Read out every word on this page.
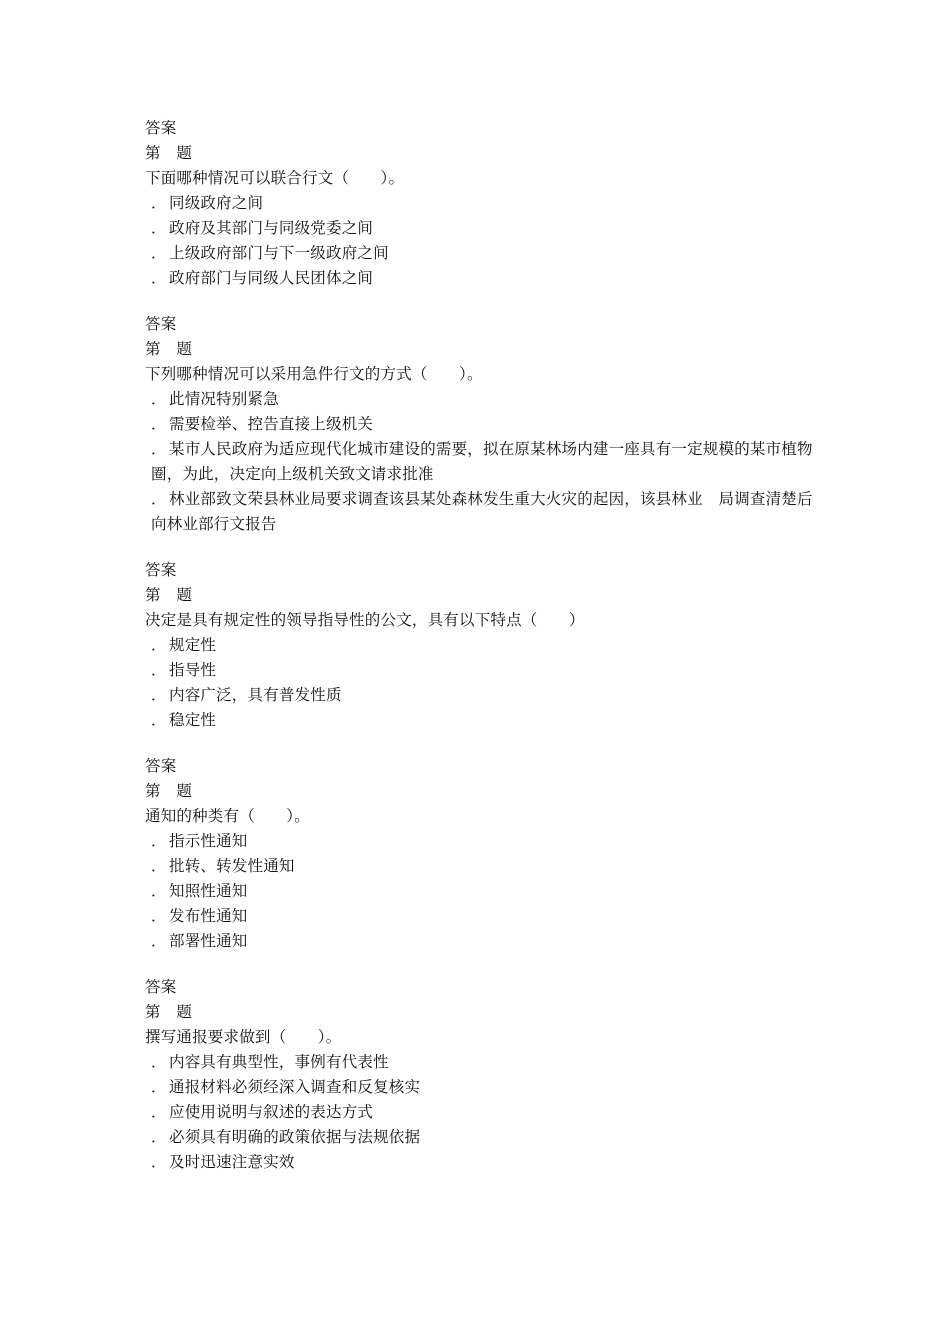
答案
第　题
下面哪种情况可以联合行文（　　）。
． 同级政府之间
． 政府及其部门与同级党委之间
． 上级政府部门与下一级政府之间
． 政府部门与同级人民团体之间
答案
第　题
下列哪种情况可以采用急件行文的方式（　　）。
． 此情况特别紧急
． 需要检举、控告直接上级机关
． 某市人民政府为适应现代化城市建设的需要，拟在原某林场内建一座具有一定规模的某市植物圈，为此，决定向上级机关致文请求批准
． 林业部致文荣县林业局要求调查该县某处森林发生重大火灾的起因，该县林业　局调查清楚后向林业部行文报告
答案
第　题
决定是具有规定性的领导指导性的公文，具有以下特点（　　）
． 规定性
． 指导性
． 内容广泛，具有普发性质
． 稳定性
答案
第　题
通知的种类有（　　）。
． 指示性通知
． 批转、转发性通知
． 知照性通知
． 发布性通知
． 部署性通知
答案
第　题
撰写通报要求做到（　　）。
． 内容具有典型性，事例有代表性
． 通报材料必须经深入调查和反复核实
． 应使用说明与叙述的表达方式
． 必须具有明确的政策依据与法规依据
． 及时迅速注意实效
